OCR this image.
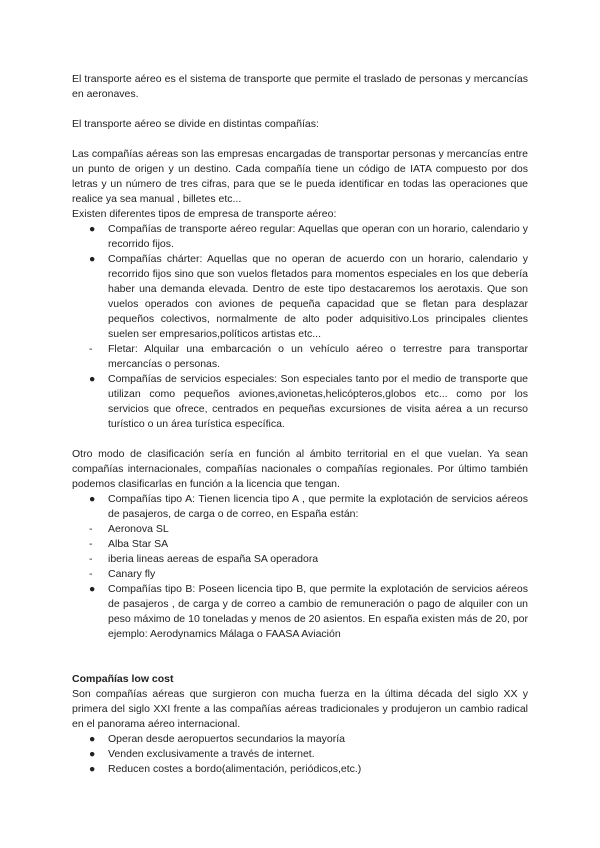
El transporte aéreo es el sistema de transporte que permite el traslado de personas y mercancías en aeronaves.

El transporte aéreo se divide en distintas compañías:

Las compañías aéreas son las empresas encargadas de transportar personas y mercancías entre un punto de origen y un destino. Cada compañía tiene un código de IATA compuesto por dos letras y un número de tres cifras, para que se le pueda identificar en todas las operaciones que realice ya sea manual , billetes etc...

Existen diferentes tipos de empresa de transporte aéreo:

●	Compañías de transporte aéreo regular: Aquellas que operan con un horario, calendario y recorrido fijos.
●	Compañías chárter: Aquellas que no operan de acuerdo con un horario, calendario y recorrido fijos sino que son vuelos fletados para momentos especiales en los que debería haber una demanda elevada. Dentro de este tipo destacaremos los aerotaxis. Que son vuelos operados con aviones de pequeña capacidad que se fletan para desplazar pequeños colectivos, normalmente de alto poder adquisitivo.Los principales clientes suelen ser empresarios,políticos artistas etc...
-	Fletar: Alquilar una embarcación o un vehículo aéreo o terrestre para transportar mercancías o personas.
●	Compañías de servicios especiales: Son especiales tanto por el medio de transporte que utilizan como pequeños aviones,avionetas,helicópteros,globos etc... como por los servicios que ofrece, centrados en pequeñas excursiones de visita aérea a un recurso turístico o un área turística específica.

Otro modo de clasificación sería en función al ámbito territorial en el que vuelan. Ya sean compañías internacionales, compañías nacionales o compañías regionales. Por último también podemos clasificarlas en función a la licencia que tengan.

●	Compañías tipo A: Tienen licencia tipo A , que permite la explotación de servicios aéreos de pasajeros, de carga o de correo, en España están:
-	Aeronova SL
-	Alba Star SA
-	iberia lineas aereas de españa SA operadora
-	Canary fly
●	Compañías tipo B: Poseen licencia tipo B, que permite la explotación de servicios aéreos de pasajeros , de carga y de correo a cambio de remuneración o pago de alquiler con un peso máximo de 10 toneladas y menos de 20 asientos. En españa existen más de 20, por ejemplo: Aerodynamics Málaga o FAASA Aviación

Compañías low cost

Son compañías aéreas que surgieron con mucha fuerza en la última década del siglo XX y primera del siglo XXI frente a las compañías aéreas tradicionales y produjeron un cambio radical en el panorama aéreo internacional.

●	Operan desde aeropuertos secundarios la mayoría
●	Venden exclusivamente a través de internet.
●	Reducen costes a bordo(alimentación, periódicos,etc.)
